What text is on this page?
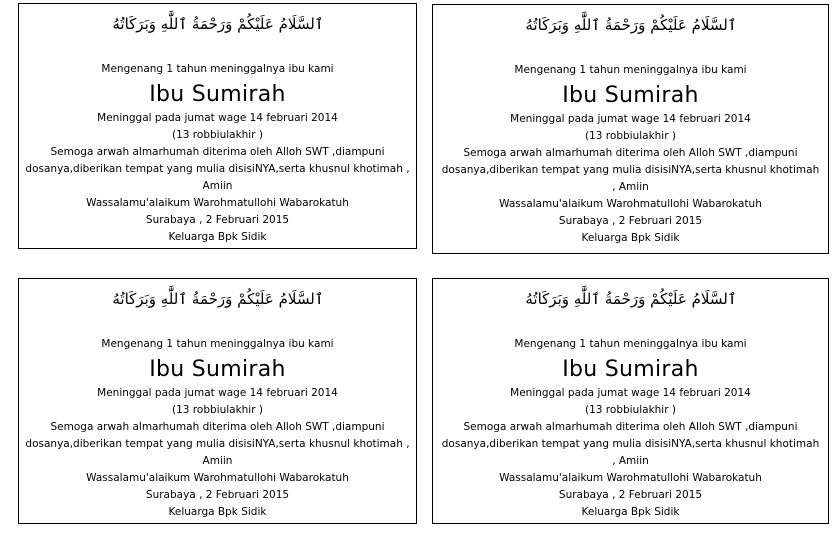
ٱلسَّلَامُ عَلَيْكُمْ وَرَحْمَةُ ٱللَّٰهِ وَبَرَكَاتُهُ
Mengenang 1 tahun meninggalnya ibu kami
Ibu Sumirah
Meninggal pada jumat wage 14 februari 2014
(13 robbiulakhir )
Semoga arwah almarhumah diterima oleh Alloh SWT ,diampuni dosanya,diberikan tempat yang mulia disisiNYA,serta khusnul khotimah , Amiin
Wassalamu'alaikum Warohmatullohi Wabarokatuh
Surabaya , 2 Februari 2015
Keluarga Bpk Sidik
ٱلسَّلَامُ عَلَيْكُمْ وَرَحْمَةُ ٱللَّٰهِ وَبَرَكَاتُهُ
Mengenang 1 tahun meninggalnya ibu kami
Ibu Sumirah
Meninggal pada jumat wage 14 februari 2014
(13 robbiulakhir )
Semoga arwah almarhumah diterima oleh Alloh SWT ,diampuni dosanya,diberikan tempat yang mulia disisiNYA,serta khusnul khotimah , Amiin
Wassalamu'alaikum Warohmatullohi Wabarokatuh
Surabaya , 2 Februari 2015
Keluarga Bpk Sidik
ٱلسَّلَامُ عَلَيْكُمْ وَرَحْمَةُ ٱللَّٰهِ وَبَرَكَاتُهُ
Mengenang 1 tahun meninggalnya ibu kami
Ibu Sumirah
Meninggal pada jumat wage 14 februari 2014
(13 robbiulakhir )
Semoga arwah almarhumah diterima oleh Alloh SWT ,diampuni dosanya,diberikan tempat yang mulia disisiNYA,serta khusnul khotimah , Amiin
Wassalamu'alaikum Warohmatullohi Wabarokatuh
Surabaya , 2 Februari 2015
Keluarga Bpk Sidik
ٱلسَّلَامُ عَلَيْكُمْ وَرَحْمَةُ ٱللَّٰهِ وَبَرَكَاتُهُ
Mengenang 1 tahun meninggalnya ibu kami
Ibu Sumirah
Meninggal pada jumat wage 14 februari 2014
(13 robbiulakhir )
Semoga arwah almarhumah diterima oleh Alloh SWT ,diampuni dosanya,diberikan tempat yang mulia disisiNYA,serta khusnul khotimah , Amiin
Wassalamu'alaikum Warohmatullohi Wabarokatuh
Surabaya , 2 Februari 2015
Keluarga Bpk Sidik
